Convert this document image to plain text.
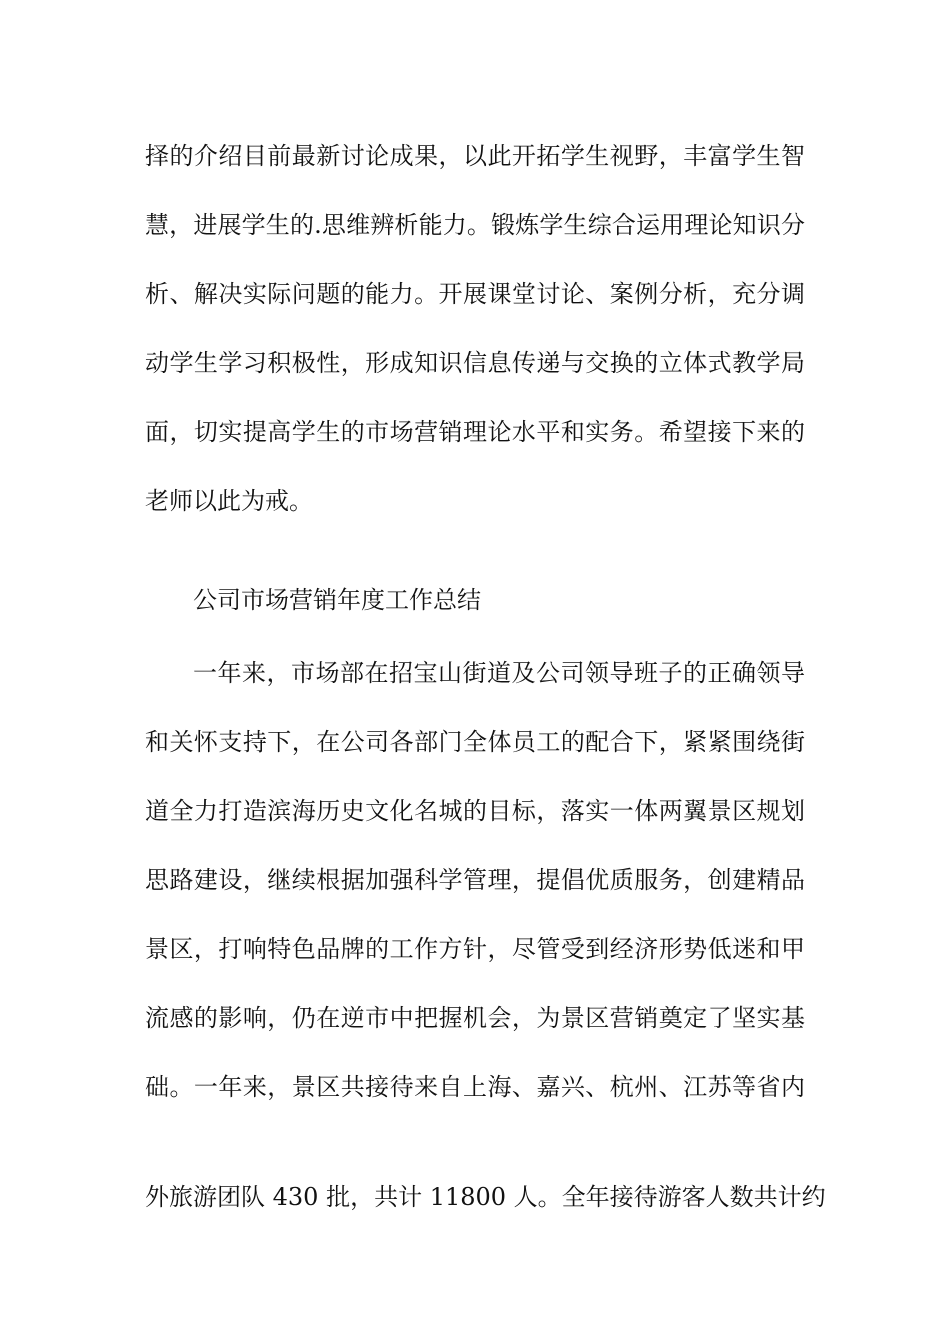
择的介绍目前最新讨论成果，以此开拓学生视野，丰富学生智
慧，进展学生的.思维辨析能力。锻炼学生综合运用理论知识分
析、解决实际问题的能力。开展课堂讨论、案例分析，充分调
动学生学习积极性，形成知识信息传递与交换的立体式教学局
面，切实提高学生的市场营销理论水平和实务。希望接下来的
老师以此为戒。
公司市场营销年度工作总结
一年来，市场部在招宝山街道及公司领导班子的正确领导
和关怀支持下，在公司各部门全体员工的配合下，紧紧围绕街
道全力打造滨海历史文化名城的目标，落实一体两翼景区规划
思路建设，继续根据加强科学管理，提倡优质服务，创建精品
景区，打响特色品牌的工作方针，尽管受到经济形势低迷和甲
流感的影响，仍在逆市中把握机会，为景区营销奠定了坚实基
础。一年来，景区共接待来自上海、嘉兴、杭州、江苏等省内
外旅游团队 430 批，共计 11800 人。全年接待游客人数共计约
